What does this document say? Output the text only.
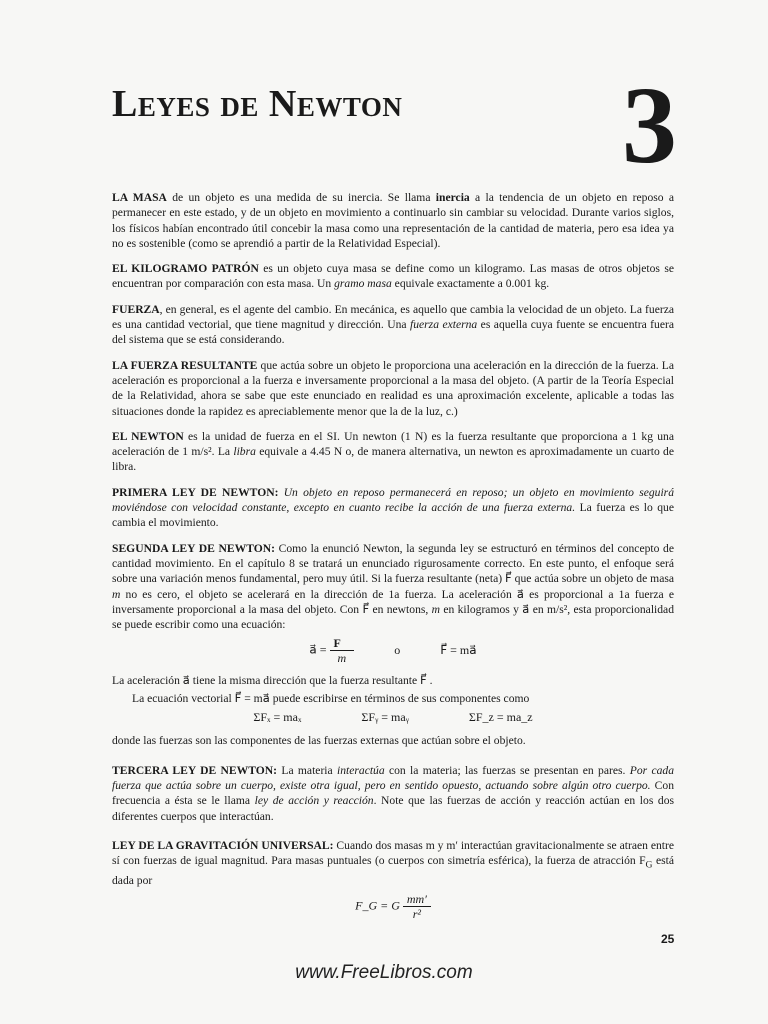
Leyes de Newton 3

LA MASA de un objeto es una medida de su inercia. Se llama inercia a la tendencia de un objeto en reposo a permanecer en este estado, y de un objeto en movimiento a continuarlo sin cambiar su velocidad. Durante varios siglos, los físicos habían encontrado útil concebir la masa como una representación de la cantidad de materia, pero esa idea ya no es sostenible (como se aprendió a partir de la Relatividad Especial).

EL KILOGRAMO PATRÓN es un objeto cuya masa se define como un kilogramo. Las masas de otros objetos se encuentran por comparación con esta masa. Un gramo masa equivale exactamente a 0.001 kg.

FUERZA, en general, es el agente del cambio. En mecánica, es aquello que cambia la velocidad de un objeto. La fuerza es una cantidad vectorial, que tiene magnitud y dirección. Una fuerza externa es aquella cuya fuente se encuentra fuera del sistema que se está considerando.

LA FUERZA RESULTANTE que actúa sobre un objeto le proporciona una aceleración en la dirección de la fuerza. La aceleración es proporcional a la fuerza e inversamente proporcional a la masa del objeto. (A partir de la Teoría Especial de la Relatividad, ahora se sabe que este enunciado en realidad es una aproximación excelente, aplicable a todas las situaciones donde la rapidez es apreciablemente menor que la de la luz, c.)

EL NEWTON es la unidad de fuerza en el SI. Un newton (1 N) es la fuerza resultante que proporciona a 1 kg una aceleración de 1 m/s². La libra equivale a 4.45 N o, de manera alternativa, un newton es aproximadamente un cuarto de libra.

PRIMERA LEY DE NEWTON: Un objeto en reposo permanecerá en reposo; un objeto en movimiento seguirá moviéndose con velocidad constante, excepto en cuanto recibe la acción de una fuerza externa. La fuerza es lo que cambia el movimiento.

SEGUNDA LEY DE NEWTON: Como la enunció Newton, la segunda ley se estructuró en términos del concepto de cantidad movimiento. En el capítulo 8 se tratará un enunciado rigurosamente correcto. En este punto, el enfoque será sobre una variación menos fundamental, pero muy útil. Si la fuerza resultante (neta) F⃗ que actúa sobre un objeto de masa m no es cero, el objeto se acelerará en la dirección de 1a fuerza. La aceleración a⃗ es proporcional a 1a fuerza e inversamente proporcional a la masa del objeto. Con F⃗ en newtons, m en kilogramos y a⃗ en m/s², esta proporcionalidad se puede escribir como una ecuación:

a⃗ = $\frac{F⃗}{m}$	o	F⃗ = ma⃗

La aceleración a⃗ tiene la misma dirección que la fuerza resultante F⃗ .

La ecuación vectorial F⃗ = ma⃗ puede escribirse en términos de sus componentes como

ΣFₓ = maₓ	ΣFᵧ = maᵧ	ΣF_z = ma_z

donde las fuerzas son las componentes de las fuerzas externas que actúan sobre el objeto.

TERCERA LEY DE NEWTON: La materia interactúa con la materia; las fuerzas se presentan en pares. Por cada fuerza que actúa sobre un cuerpo, existe otra igual, pero en sentido opuesto, actuando sobre algún otro cuerpo. Con frecuencia a ésta se le llama ley de acción y reacción. Note que las fuerzas de acción y reacción actúan en los dos diferentes cuerpos que interactúan.

LEY DE LA GRAVITACIÓN UNIVERSAL: Cuando dos masas m y m′ interactúan gravitacionalmente se atraen entre sí con fuerzas de igual magnitud. Para masas puntuales (o cuerpos con simetría esférica), la fuerza de atracción $F_G$ está dada por

F_G = G $\frac{mm'}{\text{r²}}$
25
www.FreeLibros.com
